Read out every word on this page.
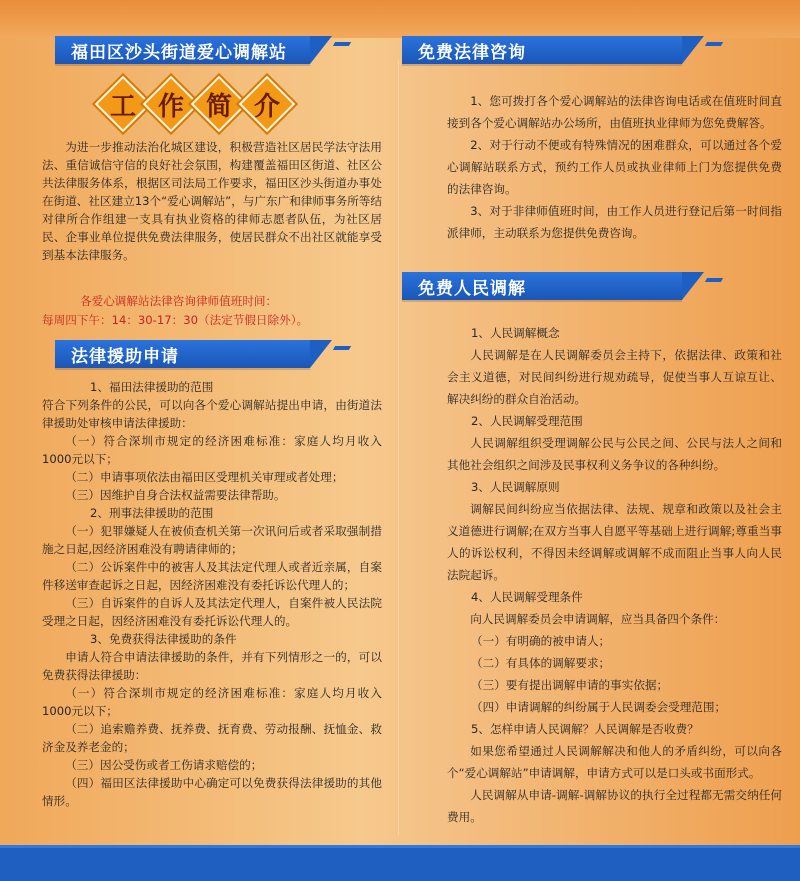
福田区沙头街道爱心调解站
工 作 简 介
为进一步推动法治化城区建设，积极营造社区居民学法守法用法、重信诚信守信的良好社会氛围，构建覆盖福田区街道、社区公共法律服务体系，根据区司法局工作要求，福田区沙头街道办事处在街道、社区建立13个“爱心调解站”，与广东广和律师事务所等结对律所合作组建一支具有执业资格的律师志愿者队伍，为社区居民、企事业单位提供免费法律服务，使居民群众不出社区就能享受到基本法律服务。
各爱心调解站法律咨询律师值班时间：
每周四下午：14：30-17：30（法定节假日除外）。
法律援助申请

1、福田法律援助的范围

符合下列条件的公民，可以向各个爱心调解站提出申请，由街道法律援助处审核申请法律援助：

（一）符合深圳市规定的经济困难标准：家庭人均月收入1000元以下；

（二）申请事项依法由福田区受理机关审理或者处理；

（三）因维护自身合法权益需要法律帮助。

2、刑事法律援助的范围

（一）犯罪嫌疑人在被侦查机关第一次讯问后或者采取强制措施之日起,因经济困难没有聘请律师的；

（二）公诉案件中的被害人及其法定代理人或者近亲属，自案件移送审查起诉之日起，因经济困难没有委托诉讼代理人的；

（三）自诉案件的自诉人及其法定代理人，自案件被人民法院受理之日起，因经济困难没有委托诉讼代理人的。

3、免费获得法律援助的条件

申请人符合申请法律援助的条件，并有下列情形之一的，可以免费获得法律援助：

（一）符合深圳市规定的经济困难标准：家庭人均月收入1000元以下；

（二）追索赡养费、抚养费、抚育费、劳动报酬、抚恤金、救济金及养老金的；

（三）因公受伤或者工伤请求赔偿的；

（四）福田区法律援助中心确定可以免费获得法律援助的其他情形。

免费法律咨询

1、您可拨打各个爱心调解站的法律咨询电话或在值班时间直接到各个爱心调解站办公场所，由值班执业律师为您免费解答。

2、对于行动不便或有特殊情况的困难群众，可以通过各个爱心调解站联系方式，预约工作人员或执业律师上门为您提供免费的法律咨询。

3、对于非律师值班时间，由工作人员进行登记后第一时间指派律师，主动联系为您提供免费咨询。

免费人民调解

1、人民调解概念

人民调解是在人民调解委员会主持下，依据法律、政策和社会主义道德，对民间纠纷进行规劝疏导，促使当事人互谅互让、解决纠纷的群众自治活动。

2、人民调解受理范围

人民调解组织受理调解公民与公民之间、公民与法人之间和其他社会组织之间涉及民事权利义务争议的各种纠纷。

3、人民调解原则

调解民间纠纷应当依据法律、法规、规章和政策以及社会主义道德进行调解;在双方当事人自愿平等基础上进行调解;尊重当事人的诉讼权利，不得因未经调解或调解不成而阻止当事人向人民法院起诉。

4、人民调解受理条件

向人民调解委员会申请调解，应当具备四个条件：

（一）有明确的被申请人；

（二）有具体的调解要求；

（三）要有提出调解申请的事实依据；

（四）申请调解的纠纷属于人民调委会受理范围；

5、怎样申请人民调解？人民调解是否收费？

如果您希望通过人民调解解决和他人的矛盾纠纷，可以向各个“爱心调解站”申请调解，申请方式可以是口头或书面形式。

人民调解从申请-调解-调解协议的执行全过程都无需交纳任何费用。
